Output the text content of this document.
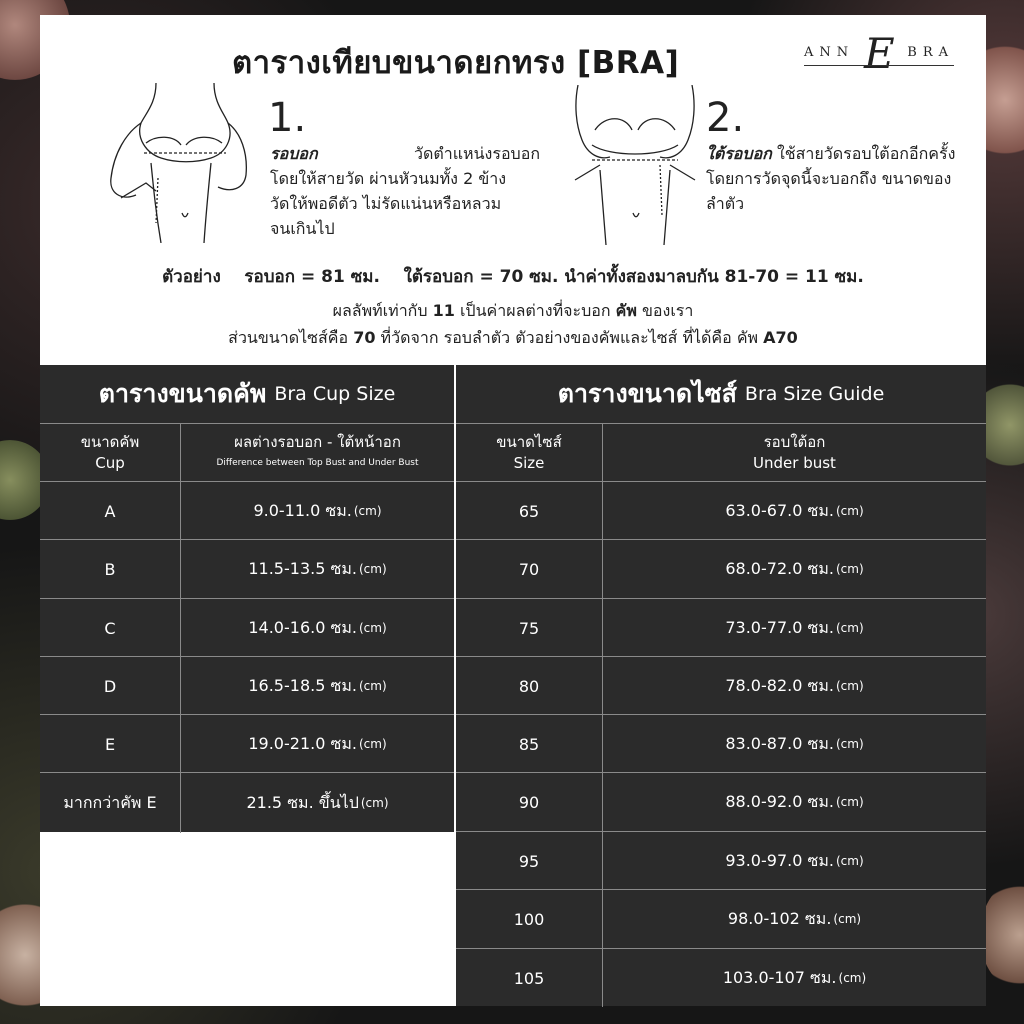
ตารางเทียบขนาดยกทรง [BRA]	ANN E BRA
1.
รอบอก	วัดตำแหน่งรอบอก
โดยให้สายวัด ผ่านหัวนมทั้ง 2 ข้าง
วัดให้พอดีตัว ไม่รัดแน่นหรือหลวม
จนเกินไป
2.
ใต้รอบอก ใช้สายวัดรอบใต้อกอีกครั้ง
โดยการวัดจุดนี้จะบอกถึง ขนาดของ
ลำตัว
ตัวอย่าง    รอบอก = 81 ซม.    ใต้รอบอก = 70 ซม. นำค่าทั้งสองมาลบกัน 81-70 = 11 ซม.
ผลลัพท์เท่ากับ 11 เป็นค่าผลต่างที่จะบอก คัพ ของเรา
ส่วนขนาดไซส์คือ 70 ที่วัดจาก รอบลำตัว ตัวอย่างของคัพและไซส์ ที่ได้คือ คัพ A70
ตารางขนาดคัพ Bra Cup Size	ตารางขนาดไซส์ Bra Size Guide
ขนาดคัพ
Cup
ผลต่างรอบอก - ใต้หน้าอก
Difference between Top Bust and Under Bust
A	9.0-11.0 ซม. (cm)
B	11.5-13.5 ซม. (cm)
C	14.0-16.0 ซม. (cm)
D	16.5-18.5 ซม. (cm)
E	19.0-21.0 ซม. (cm)
มากกว่าคัพ E	21.5 ซม. ขึ้นไป (cm)
ขนาดไซส์
Size
รอบใต้อก
Under bust
65	63.0-67.0 ซม. (cm)
70	68.0-72.0 ซม. (cm)
75	73.0-77.0 ซม. (cm)
80	78.0-82.0 ซม. (cm)
85	83.0-87.0 ซม. (cm)
90	88.0-92.0 ซม. (cm)
95	93.0-97.0 ซม. (cm)
100	98.0-102 ซม. (cm)
105	103.0-107 ซม. (cm)
